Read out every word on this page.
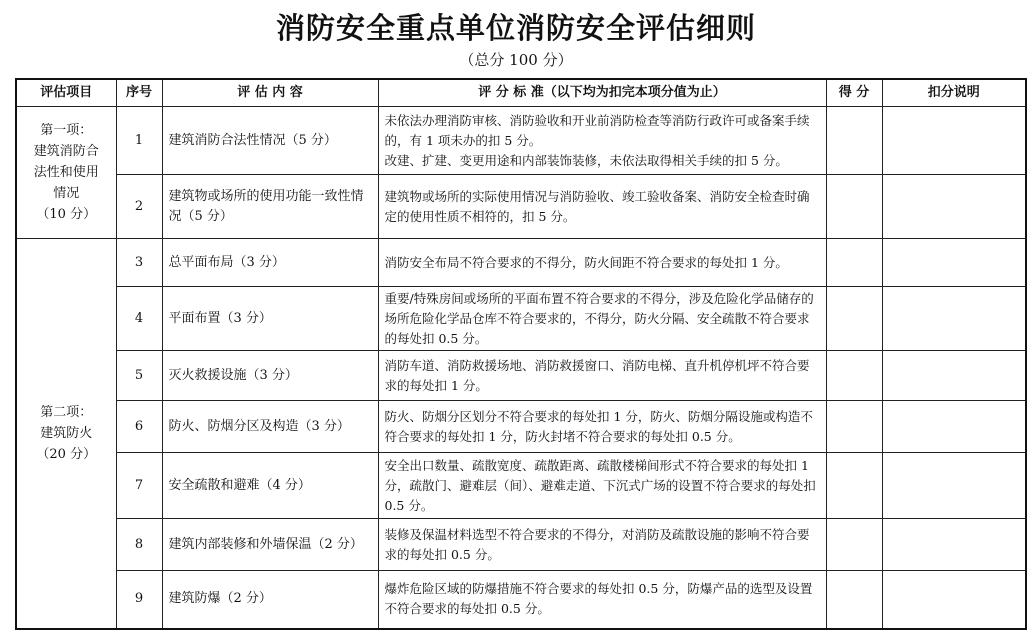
消防安全重点单位消防安全评估细则
（总分 100 分）
评估项目	序号	评 估 内 容	评 分 标 准（以下均为扣完本项分值为止）	得 分	扣分说明

第一项：
建筑消防合
法性和使用
情况
（10 分）	1	建筑消防合法性情况（5 分）	未依法办理消防审核、消防验收和开业前消防检查等消防行政许可或备案手续的，有 1 项未办的扣 5 分。
改建、扩建、变更用途和内部装饰装修，未依法取得相关手续的扣 5 分。		

	2	建筑物或场所的使用功能一致性情况（5 分）	建筑物或场所的实际使用情况与消防验收、竣工验收备案、消防安全检查时确定的使用性质不相符的，扣 5 分。		

第二项：
建筑防火
（20 分）	3	总平面布局（3 分）	消防安全布局不符合要求的不得分，防火间距不符合要求的每处扣 1 分。		

	4	平面布置（3 分）	重要/特殊房间或场所的平面布置不符合要求的不得分，涉及危险化学品储存的场所危险化学品仓库不符合要求的，不得分，防火分隔、安全疏散不符合要求的每处扣 0.5 分。		

	5	灭火救援设施（3 分）	消防车道、消防救援场地、消防救援窗口、消防电梯、直升机停机坪不符合要求的每处扣 1 分。		

	6	防火、防烟分区及构造（3 分）	防火、防烟分区划分不符合要求的每处扣 1 分，防火、防烟分隔设施或构造不符合要求的每处扣 1 分，防火封堵不符合要求的每处扣 0.5 分。		

	7	安全疏散和避难（4 分）	安全出口数量、疏散宽度、疏散距离、疏散楼梯间形式不符合要求的每处扣 1 分，疏散门、避难层（间）、避难走道、下沉式广场的设置不符合要求的每处扣 0.5 分。		

	8	建筑内部装修和外墙保温（2 分）	装修及保温材料选型不符合要求的不得分，对消防及疏散设施的影响不符合要求的每处扣 0.5 分。		

	9	建筑防爆（2 分）	爆炸危险区域的防爆措施不符合要求的每处扣 0.5 分，防爆产品的选型及设置不符合要求的每处扣 0.5 分。		
